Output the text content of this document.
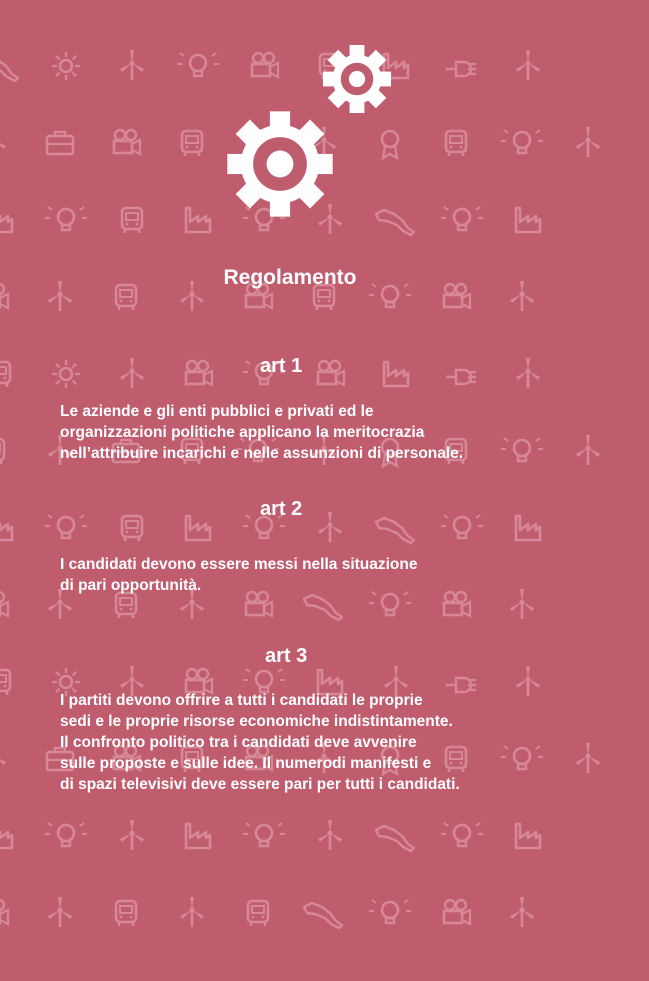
Regolamento
art 1

Le aziende e gli enti pubblici e privati ed le
organizzazioni politiche applicano la meritocrazia
nell’attribuire incarichi e nelle assunzioni di personale.

art 2

I candidati devono essere messi nella situazione
di pari opportunità.

art 3

I partiti devono offrire a tutti i candidati le proprie
sedi e le proprie risorse economiche indistintamente.
Il confronto politico tra i candidati deve avvenire
sulle proposte e sulle idee. Il numerodi manifesti e
di spazi televisivi deve essere pari per tutti i candidati.
